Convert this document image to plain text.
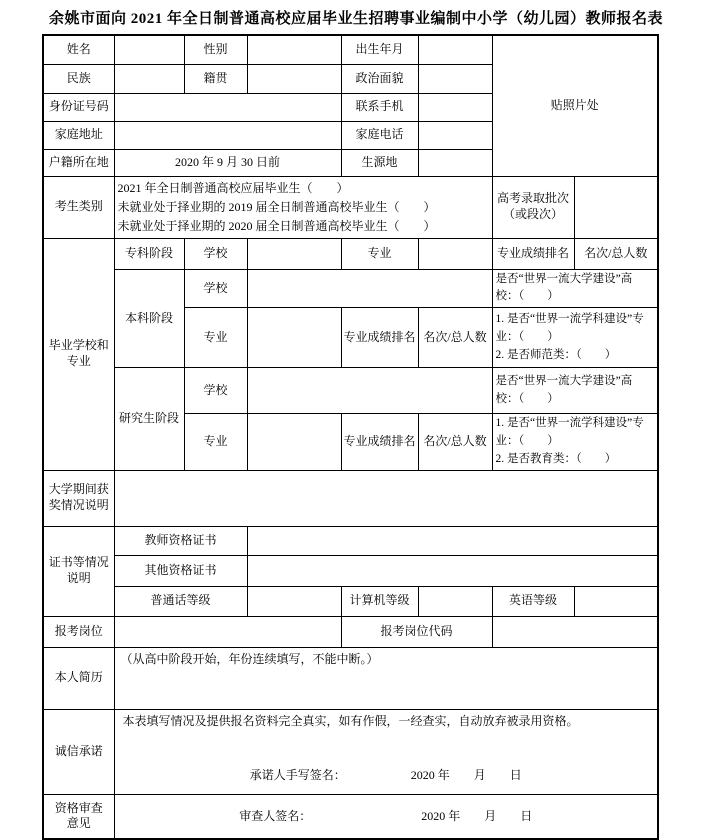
余姚市面向 2021 年全日制普通高校应届毕业生招聘事业编制中小学（幼儿园）教师报名表
姓名		性别		出生年月		贴照片处	
民族		籍贯		政治面貌			
身份证号码				联系手机			
家庭地址				家庭电话			
户籍所在地	2020 年 9 月 30 日前			生源地			
考生类别	2021 年全日制普通高校应届毕业生（　　）
未就业处于择业期的 2019 届全日制普通高校毕业生（　　）
未就业处于择业期的 2020 届全日制普通高校毕业生（　　）					高考录取批次（或段次）	
毕业学校和专业	专科阶段	学校		专业		专业成绩排名	名次/总人数
	本科阶段	学校				是否“世界一流大学建设”高校：（　　）	
		专业		专业成绩排名	名次/总人数	1. 是否“世界一流学科建设”专业：（　　）
2. 是否师范类：（　　）	

	研究生阶段	学校				是否“世界一流大学建设”高校：（　　）	
		专业		专业成绩排名	名次/总人数	1. 是否“世界一流学科建设”专业：（　　）
2. 是否教育类：（　　）	

大学期间获奖情况说明							
证书等情况说明	教师资格证书						
	其他资格证书						
	普通话等级			计算机等级		英语等级	
报考岗位				报考岗位代码			
本人简历	（从高中阶段开始，年份连续填写，不能中断。）						
诚信承诺	本表填写情况及提供报名资料完全真实，如有作假，一经查实，自动放弃被录用资格。
承诺人手写签名： 2020 年　　月　　日						

资格审查
意见	审查人签名： 2020 年　　月　　日						
